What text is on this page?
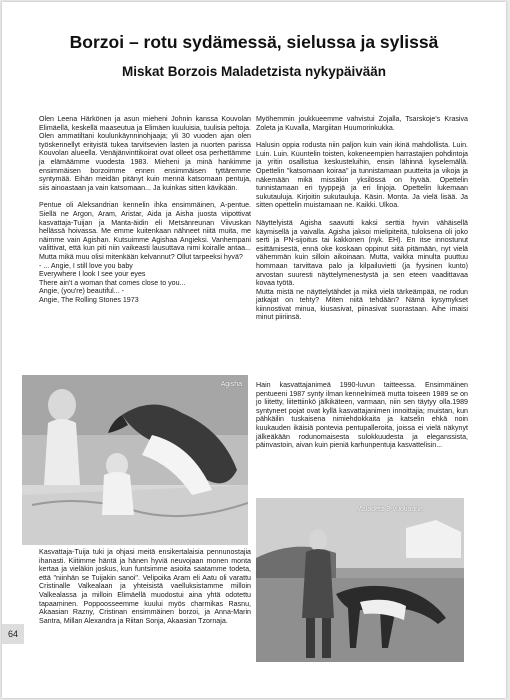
Borzoi – rotu sydämessä, sielussa ja sylissä
Miskat Borzois Maladetzista nykypäivään

Olen Leena Härkönen ja asun mieheni Johnin kanssa Kouvolan Elimäellä, keskellä maaseutua ja Elimäen kuuluisia, tuulisia peltoja. Olen ammatiltani koulunkäynninohjaaja; yli 30 vuoden ajan olen työskennellyt erityistä tukea tarvitsevien lasten ja nuorten parissa Kouvolan alueella. Venäjänvinttikoirat ovat olleet osa perhettämme ja elämäämme vuodesta 1983. Mieheni ja minä hankimme ensimmäisen borzoimme ennen ensimmäisen tyttäremme syntymää. Eihän meidän pitänyt kuin mennä katsomaan pentuja, siis ainoastaan ja vain katsomaan... Ja kuinkas sitten kävikään.

Pentue oli Aleksandrian kennelin ihka ensimmäinen, A-pentue. Siellä ne Argon, Aram, Aristar, Aida ja Aisha juosta viipottivat kasvattaja-Tuijan ja Manta-äidin eli Metsänreunan Viivuskan hellässä hoivassa. Me emme kuitenkaan nähneet niitä muita, me näimme vain Agishan. Kutsuimme Agishaa Angieksi. Vanhempani valittivat, että kun piti niin vaikeasti lausuttava nimi koiralle antaa... Mutta mikä muu olisi mitenkään kelvannut? Ollut tarpeeksi hyvä?

- ... Angie, I still love you baby
Everywhere I look I see your eyes
There ain't a woman that comes close to you...
Angie, (you're) beautiful... -
Angie, The Rolling Stones 1973
Agisha

Kasvattaja-Tuija tuki ja ohjasi meitä ensikertalaisia pennunostajia ihanasti. Kiitimme häntä ja hänen hyviä neuvojaan monen monta kertaa ja vieläkin joskus, kun funtsimme asioita saatamme todeta, että "niinhän se Tuijakin sanoi". Velipoika Aram eli Aatu oli varattu Cristinalle Valkealaan ja yhteisistä vaelluksistamme milloin Valkealassa ja milloin Elimäellä muodostui aina yhtä odotettu tapaaminen. Poppoosseemme kuului myös charmikas Rasnu, Akaasian Razny, Cristinan ensimmäinen borzoi, ja Anna-Marin Santra, Millan Alexandra ja Riitan Sonja, Akaasian Tzornaja.

Myöhemmin joukkueemme vahvistui Zojalla, Tsarskoje's Krasiva Zoleta ja Kuvalla, Margiitan Huumorinkukka.

Halusin oppia rodusta niin paljon kuin vain ikinä mahdollista. Luin. Luin. Luin. Kuuntelin toisten, kokeneempien harrastajien pohdintoja ja yritin osallistua keskusteluihin, ensin lähinnä kyselemällä. Opettelin "katsomaan koiraa" ja tunnistamaan puutteita ja vikoja ja näkemään mikä missäkin yksilössä on hyvää. Opettelin tunnistamaan eri tyyppejä ja eri linjoja. Opettelin lukemaan sukutauluja. Kirjoitin sukutauluja. Käsin. Monta. Ja vielä lisää. Ja sitten opettelin muistamaan ne. Kaikki. Ulkoa.

Näyttelyistä Agisha saavutti kaksi serttiä hyvin vähäisellä käymisellä ja vaivalla. Agisha jaksoi mielipiteitä, tuloksena oli joko serti ja PN-sijoitus tai kakkonen (nyk. EH). En itse innostunut esittämisestä, ennä oke koskaan oppinut siitä pitämään, nyt vielä vähemmän kuin silloin aikoinaan. Mutta, vaikka minulta puuttuu hommaan tarvittava palo ja kilpailuvietti (ja fyysinen kunto) arvostan suuresti näyttelymenestystä ja sen eteen vaadittavaa kovaa työtä.

Mutta mistä ne näyttelytähdet ja mikä vielä tärkeämpää, ne rodun jatkajat on tehty? Miten niitä tehdään? Nämä kysymykset kiinnostivat minua, kiusasivat, piinasivat suorastaan. Aihe imaisi minut piiriinsä.

Hain kasvattajanimeä 1990-luvun taitteessa. Ensimmäinen pentueeni 1987 synty ilman kennelnimeä mutta toiseen 1989 se on jo liitetty, liitettiinkö jälkikäteen, varmaan, niin sen täytyy olla.1989 syntyneet pojat ovat kyllä kasvattajanimen innoittajia; muistan, kun pähkäilin tuskaisena nimiehdokkaita ja katselin ehkä noin kuukauden ikäisiä pontevia pentupalleroita, joissa ei vielä näkynyt jälkeäkään rodunomaisesta sulokkuudesta ja eleganssista, päinvastoin, aivan kuin pieniä karhunpentuja kasvattelisin...

Maladetz 3-vuotiaana
64
